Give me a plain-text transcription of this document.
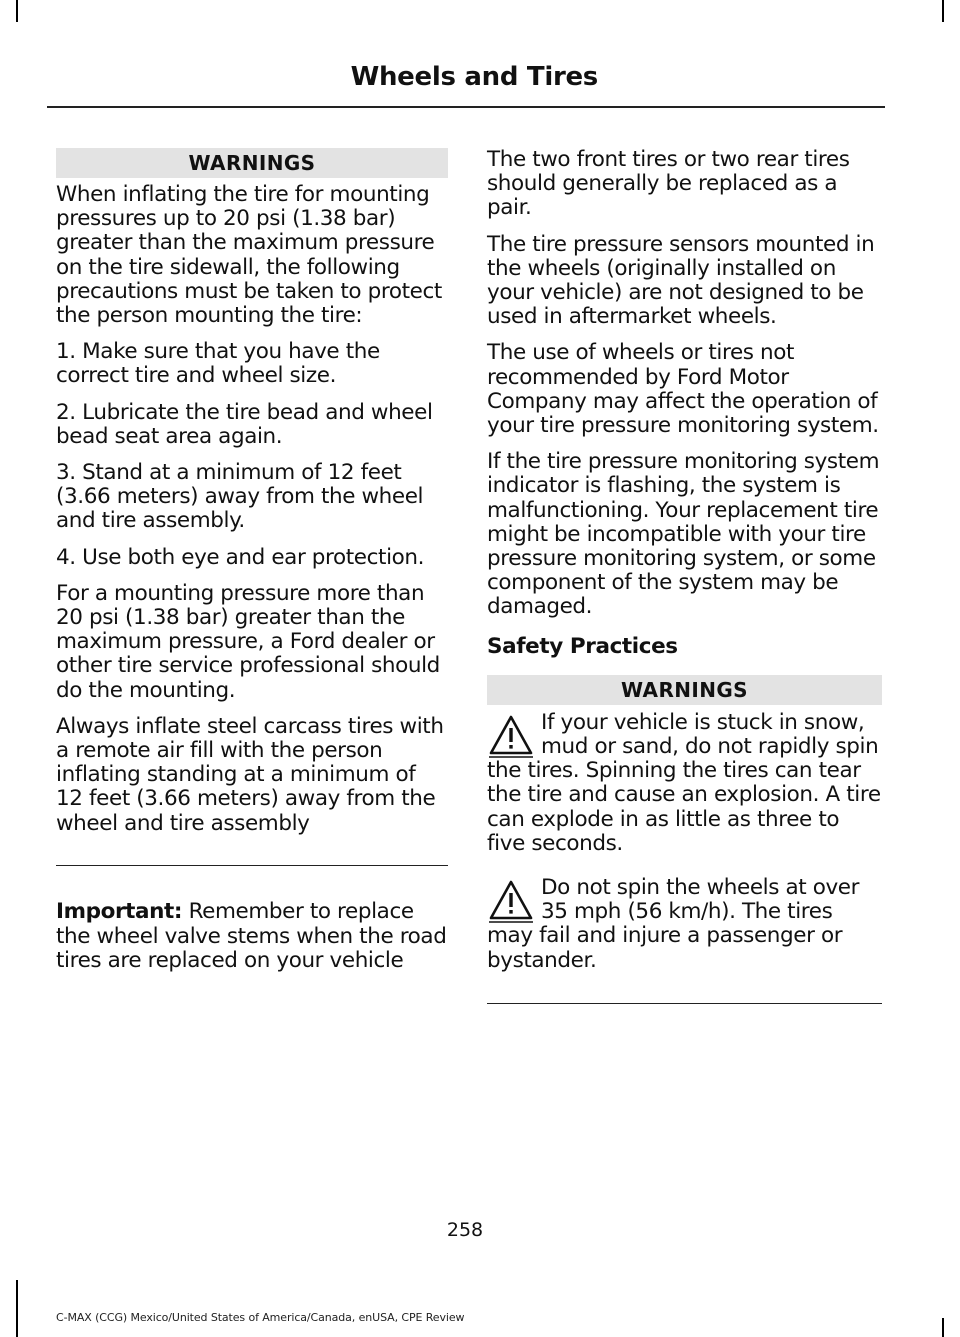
Wheels and Tires
WARNINGS

When inflating the tire for mounting pressures up to 20 psi (1.38 bar) greater than the maximum pressure on the tire sidewall, the following precautions must be taken to protect the person mounting the tire:

1. Make sure that you have the correct tire and wheel size.

2. Lubricate the tire bead and wheel bead seat area again.

3. Stand at a minimum of 12 feet (3.66 meters) away from the wheel and tire assembly.

4. Use both eye and ear protection.

For a mounting pressure more than 20 psi (1.38 bar) greater than the maximum pressure, a Ford dealer or other tire service professional should do the mounting.

Always inflate steel carcass tires with a remote air fill with the person inflating standing at a minimum of 12 feet (3.66 meters) away from the wheel and tire assembly

Important: Remember to replace the wheel valve stems when the road tires are replaced on your vehicle

The two front tires or two rear tires should generally be replaced as a pair.

The tire pressure sensors mounted in the wheels (originally installed on your vehicle) are not designed to be used in aftermarket wheels.

The use of wheels or tires not recommended by Ford Motor Company may affect the operation of your tire pressure monitoring system.

If the tire pressure monitoring system indicator is flashing, the system is malfunctioning. Your replacement tire might be incompatible with your tire pressure monitoring system, or some component of the system may be damaged.

Safety Practices
WARNINGS
If your vehicle is stuck in snow, mud or sand, do not rapidly spin the tires. Spinning the tires can tear the tire and cause an explosion. A tire can explode in as little as three to five seconds.
Do not spin the wheels at over 35 mph (56 km/h). The tires may fail and injure a passenger or bystander.
258
C-MAX (CCG) Mexico/United States of America/Canada, enUSA, CPE Review
